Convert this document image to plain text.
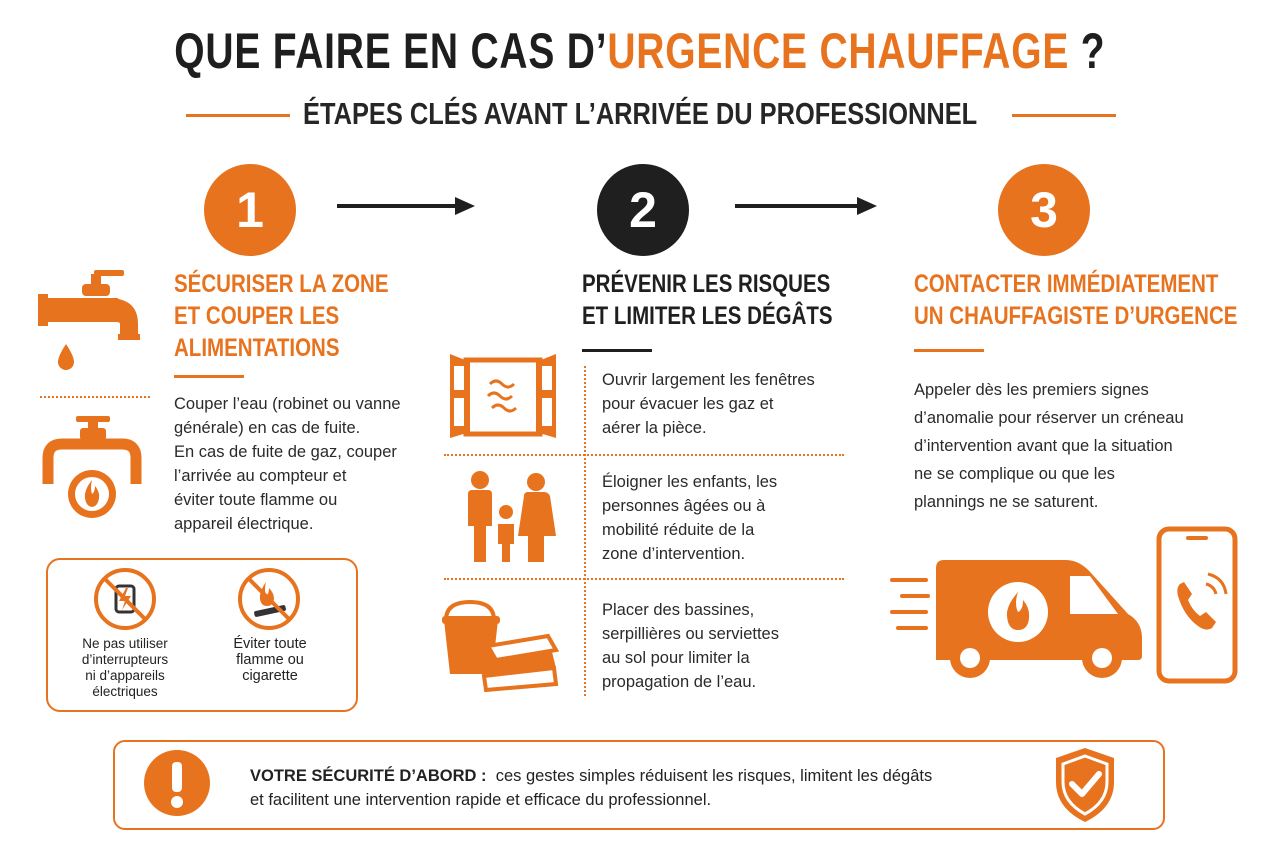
QUE FAIRE EN CAS D’URGENCE CHAUFFAGE ?
ÉTAPES CLÉS AVANT L’ARRIVÉE DU PROFESSIONNEL
1	2	3
SÉCURISER LA ZONE
ET COUPER LES
ALIMENTATIONS
Couper l’eau (robinet ou vanne
générale) en cas de fuite.
En cas de fuite de gaz, couper
l’arrivée au compteur et
éviter toute flamme ou
appareil électrique.
Ne pas utiliser
d’interrupteurs
ni d’appareils
électriques
Éviter toute
flamme ou
cigarette
PRÉVENIR LES RISQUES
ET LIMITER LES DÉGÂTS
Ouvrir largement les fenêtres
pour évacuer les gaz et
aérer la pièce.
Éloigner les enfants, les
personnes âgées ou à
mobilité réduite de la
zone d’intervention.
Placer des bassines,
serpillières ou serviettes
au sol pour limiter la
propagation de l’eau.
CONTACTER IMMÉDIATEMENT
UN CHAUFFAGISTE D’URGENCE
Appeler dès les premiers signes
d’anomalie pour réserver un créneau
d’intervention avant que la situation
ne se complique ou que les
plannings ne se saturent.
VOTRE SÉCURITÉ D’ABORD : ces gestes simples réduisent les risques, limitent les dégâts
et facilitent une intervention rapide et efficace du professionnel.
